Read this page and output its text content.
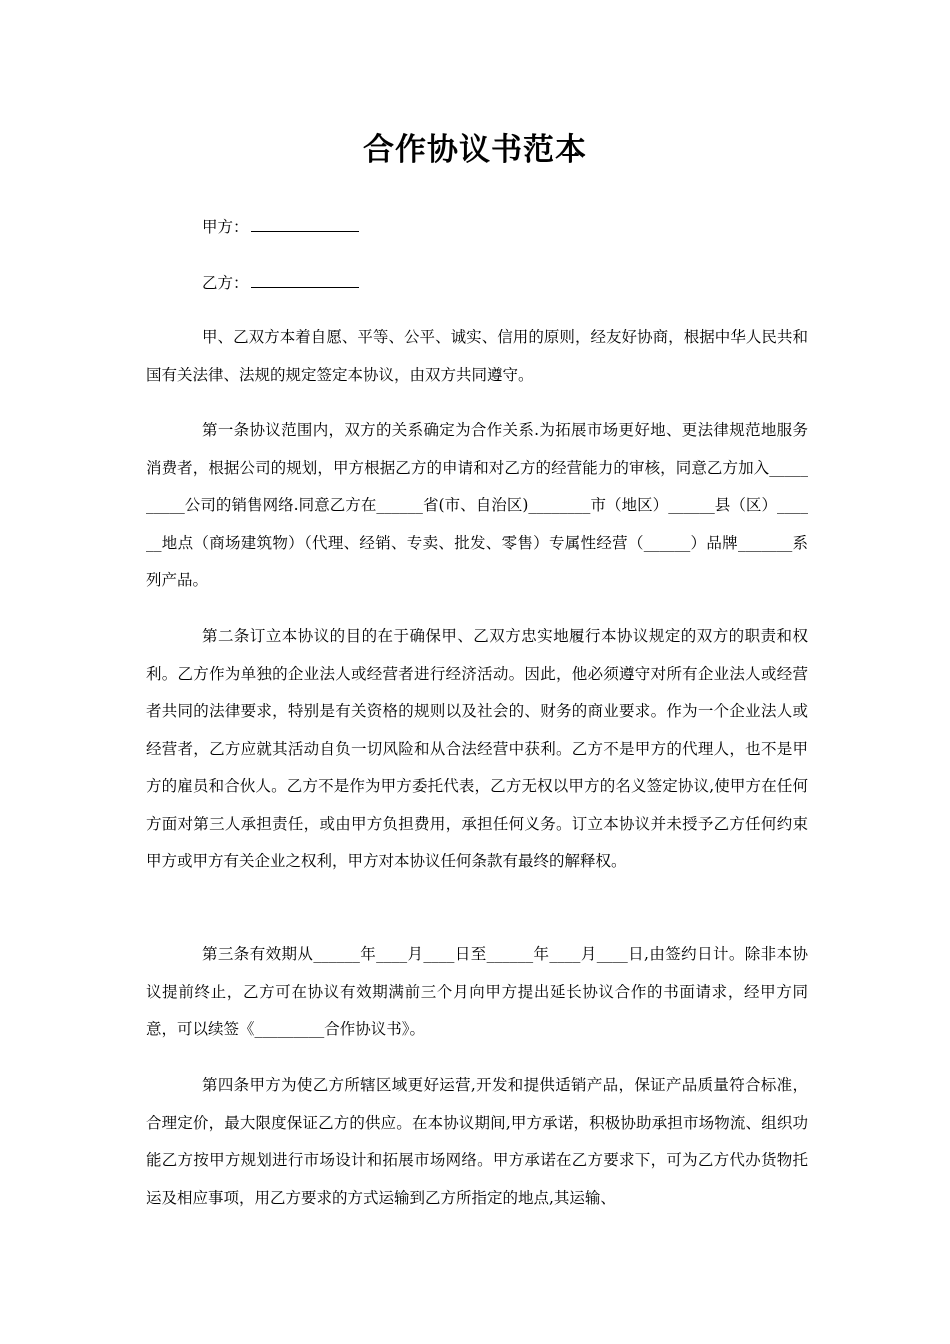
合作协议书范本
甲方：
乙方：

甲、乙双方本着自愿、平等、公平、诚实、信用的原则，经友好协商，根据中华人民共和国有关法律、法规的规定签定本协议，由双方共同遵守。

第一条协议范围内，双方的关系确定为合作关系.为拓展市场更好地、更法律规范地服务消费者，根据公司的规划，甲方根据乙方的申请和对乙方的经营能力的审核，同意乙方加入__________公司的销售网络.同意乙方在______省(市、自治区)________市（地区）______县（区）______地点（商场建筑物）（代理、经销、专卖、批发、零售）专属性经营（______）品牌_______系列产品。

第二条订立本协议的目的在于确保甲、乙双方忠实地履行本协议规定的双方的职责和权利。乙方作为单独的企业法人或经营者进行经济活动。因此，他必须遵守对所有企业法人或经营者共同的法律要求，特别是有关资格的规则以及社会的、财务的商业要求。作为一个企业法人或经营者，乙方应就其活动自负一切风险和从合法经营中获利。乙方不是甲方的代理人，也不是甲方的雇员和合伙人。乙方不是作为甲方委托代表，乙方无权以甲方的名义签定协议,使甲方在任何方面对第三人承担责任，或由甲方负担费用，承担任何义务。订立本协议并未授予乙方任何约束甲方或甲方有关企业之权利，甲方对本协议任何条款有最终的解释权。

第三条有效期从______年____月____日至______年____月____日,由签约日计。除非本协议提前终止，乙方可在协议有效期满前三个月向甲方提出延长协议合作的书面请求，经甲方同意，可以续签《_________合作协议书》。

第四条甲方为使乙方所辖区域更好运营,开发和提供适销产品，保证产品质量符合标准，合理定价，最大限度保证乙方的供应。在本协议期间,甲方承诺，积极协助承担市场物流、组织功能乙方按甲方规划进行市场设计和拓展市场网络。甲方承诺在乙方要求下，可为乙方代办货物托运及相应事项，用乙方要求的方式运输到乙方所指定的地点,其运输、
